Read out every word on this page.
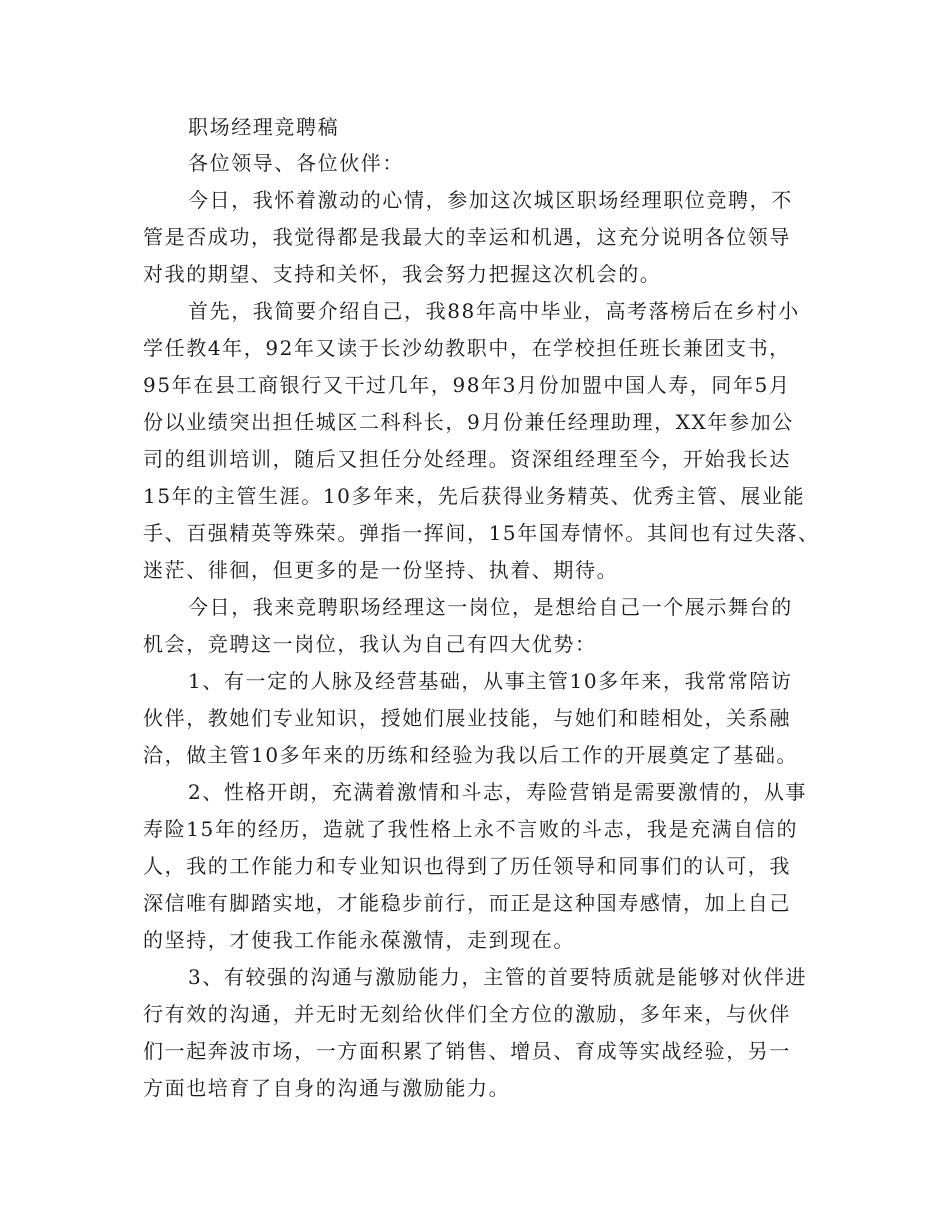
职场经理竞聘稿
各位领导、各位伙伴：
今日，我怀着激动的心情，参加这次城区职场经理职位竞聘，不
管是否成功，我觉得都是我最大的幸运和机遇，这充分说明各位领导
对我的期望、支持和关怀，我会努力把握这次机会的。
首先，我简要介绍自己，我88年高中毕业，高考落榜后在乡村小
学任教4年，92年又读于长沙幼教职中，在学校担任班长兼团支书，
95年在县工商银行又干过几年，98年3月份加盟中国人寿，同年5月
份以业绩突出担任城区二科科长，9月份兼任经理助理，XX年参加公
司的组训培训，随后又担任分处经理。资深组经理至今，开始我长达
15年的主管生涯。10多年来，先后获得业务精英、优秀主管、展业能
手、百强精英等殊荣。弹指一挥间，15年国寿情怀。其间也有过失落、
迷茫、徘徊，但更多的是一份坚持、执着、期待。
今日，我来竞聘职场经理这一岗位，是想给自己一个展示舞台的
机会，竞聘这一岗位，我认为自己有四大优势：
1、有一定的人脉及经营基础，从事主管10多年来，我常常陪访
伙伴，教她们专业知识，授她们展业技能，与她们和睦相处，关系融
洽，做主管10多年来的历练和经验为我以后工作的开展奠定了基础。
2、性格开朗，充满着激情和斗志，寿险营销是需要激情的，从事
寿险15年的经历，造就了我性格上永不言败的斗志，我是充满自信的
人，我的工作能力和专业知识也得到了历任领导和同事们的认可，我
深信唯有脚踏实地，才能稳步前行，而正是这种国寿感情，加上自己
的坚持，才使我工作能永葆激情，走到现在。
3、有较强的沟通与激励能力，主管的首要特质就是能够对伙伴进
行有效的沟通，并无时无刻给伙伴们全方位的激励，多年来，与伙伴
们一起奔波市场，一方面积累了销售、增员、育成等实战经验，另一
方面也培育了自身的沟通与激励能力。
